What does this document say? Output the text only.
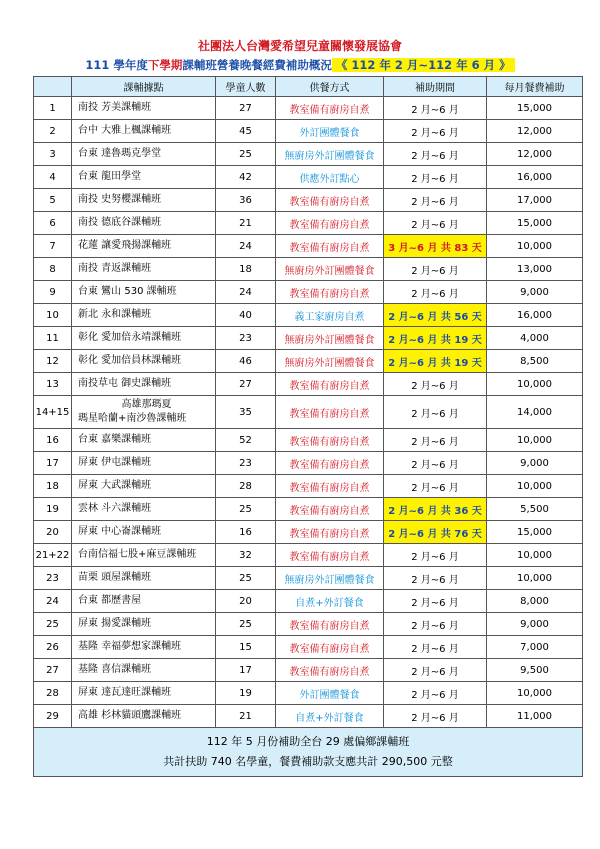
社團法人台灣愛希望兒童關懷發展協會
111 學年度下學期課輔班營養晚餐經費補助概況 《 112 年 2 月~112 年 6 月 》
	課輔據點	學童人數	供餐方式	補助期間	每月餐費補助
1	南投 芳美課輔班	27	教室備有廚房自煮	2 月~6 月	15,000
2	台中 大雅上楓課輔班	45	外訂團體餐食	2 月~6 月	12,000
3	台東 達魯瑪克學堂	25	無廚房外訂團體餐食	2 月~6 月	12,000
4	台東 龍田學堂	42	供應外訂點心	2 月~6 月	16,000
5	南投 史努櫻課輔班	36	教室備有廚房自煮	2 月~6 月	17,000
6	南投 德底谷課輔班	21	教室備有廚房自煮	2 月~6 月	15,000
7	花蓮 讓愛飛揚課輔班	24	教室備有廚房自煮	3 月~6 月 共 83 天	10,000
8	南投 青返課輔班	18	無廚房外訂團體餐食	2 月~6 月	13,000
9	台東 鸞山 530 課輔班	24	教室備有廚房自煮	2 月~6 月	9,000
10	新北 永和課輔班	40	義工家廚房自煮	2 月~6 月 共 56 天	16,000
11	彰化 愛加倍永靖課輔班	23	無廚房外訂團體餐食	2 月~6 月 共 19 天	4,000
12	彰化 愛加倍員林課輔班	46	無廚房外訂團體餐食	2 月~6 月 共 19 天	8,500
13	南投草屯 御史課輔班	27	教室備有廚房自煮	2 月~6 月	10,000
14+15	高雄那瑪夏
瑪星哈蘭+南沙魯課輔班	35	教室備有廚房自煮	2 月~6 月	14,000
16	台東 嘉樂課輔班	52	教室備有廚房自煮	2 月~6 月	10,000
17	屏東 伊屯課輔班	23	教室備有廚房自煮	2 月~6 月	9,000
18	屏東 大武課輔班	28	教室備有廚房自煮	2 月~6 月	10,000
19	雲林 斗六課輔班	25	教室備有廚房自煮	2 月~6 月 共 36 天	5,500
20	屏東 中心崙課輔班	16	教室備有廚房自煮	2 月~6 月 共 76 天	15,000
21+22	台南信福七股+麻豆課輔班	32	教室備有廚房自煮	2 月~6 月	10,000
23	苗栗 頭屋課輔班	25	無廚房外訂團體餐食	2 月~6 月	10,000
24	台東 都歷書屋	20	自煮+外訂餐食	2 月~6 月	8,000
25	屏東 揚愛課輔班	25	教室備有廚房自煮	2 月~6 月	9,000
26	基隆 幸福夢想家課輔班	15	教室備有廚房自煮	2 月~6 月	7,000
27	基隆 喜信課輔班	17	教室備有廚房自煮	2 月~6 月	9,500
28	屏東 達瓦達旺課輔班	19	外訂團體餐食	2 月~6 月	10,000
29	高雄 杉林貓頭鷹課輔班	21	自煮+外訂餐食	2 月~6 月	11,000

112 年 5 月份補助全台 29 處偏鄉課輔班
共計扶助 740 名學童，餐費補助款支應共計 290,500 元整					
